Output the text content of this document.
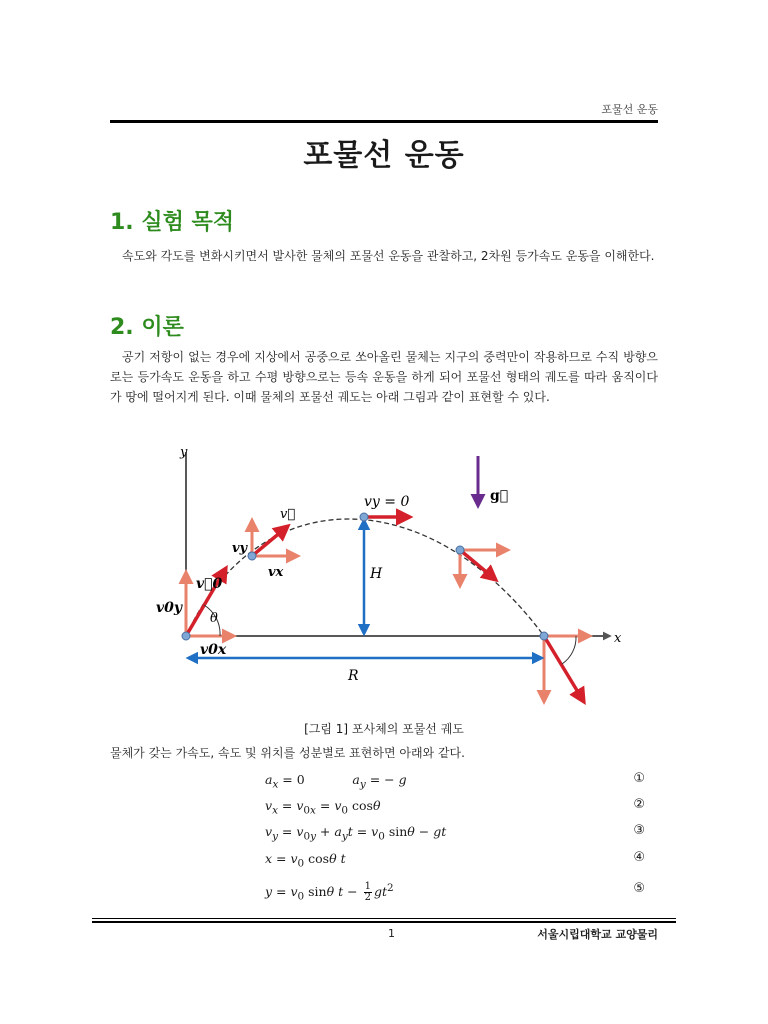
포물선 운동
포물선 운동
1. 실험 목적
속도와 각도를 변화시키면서 발사한 물체의 포물선 운동을 관찰하고, 2차원 등가속도 운동을 이해한다.
2. 이론
공기 저항이 없는 경우에 지상에서 공중으로 쏘아올린 물체는 지구의 중력만이 작용하므로 수직 방향으로는 등가속도 운동을 하고 수평 방향으로는 등속 운동을 하게 되어 포물선 형태의 궤도를 따라 움직이다가 땅에 떨어지게 된다. 이때 물체의 포물선 궤도는 아래 그림과 같이 표현할 수 있다.
y
x
v⃗0
v0y
θ
v0x
v⃗
vy
vx
vy = 0
H
R
g⃗
[그림 1] 포사체의 포물선 궤도
물체가 갖는 가속도, 속도 및 위치를 성분별로 표현하면 아래와 같다.
$a_x = 0$            $a_y$ = − g	①
$v_x = v_{0x} = v_0$ cosθ	②
$v_y = v_{0y} + a_yt = v_0$ sinθ − gt	③
$x = v_0$ cosθ t	④
$y = v_0$ sinθ $t - \frac{1}{2} gt^2$	⑤
1	서울시립대학교 교양물리
